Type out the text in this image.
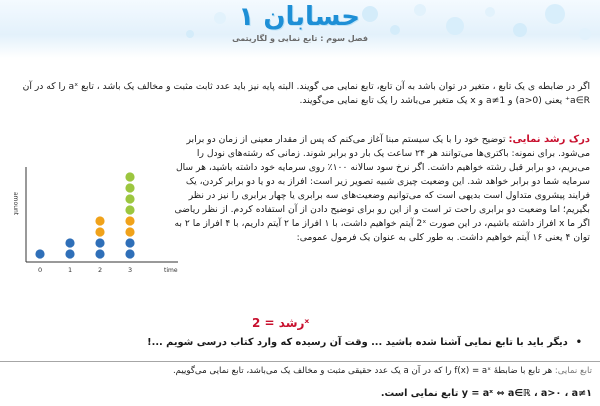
حسابان ۱
فصل سوم : تابع نمایی و لگاریتمی
اگر در ضابطه ی یک تابع ، متغیر در توان باشد به آن تابع، تابع نمایی می گویند. البته پایه نیز باید عدد ثابت مثبت و مخالف یک باشد ، تابع aˣ را که در آن a∈R⁺ یعنی (a>0) و a≠1 و x یک متغیر می‌باشد را یک تابع نمایی می‌گویند.
درک رشد نمایی: توضیح خود را با یک سیستم مبنا آغاز می‌کنم که پس از مقدار معینی از زمان دو برابر می‌شود. برای نمونه: باکتری‌ها می‌توانند هر ۲۴ ساعت یک بار دو برابر شوند. زمانی که رشته‌های نودل را می‌بریم، دو برابر قبل رشته خواهیم داشت. اگر نرخ سود سالانه ۱۰۰٪ روی سرمایه خود داشته باشید، هر سال سرمایه شما دو برابر خواهد شد. این وضعیت چیزی شبیه تصویر زیر است: افراز به دو یا دو برابر کردن، یک فرایند پیشروی متداول است بدیهی است که می‌توانیم وضعیت‌های سه برابری یا چهار برابری را نیز در نظر بگیریم؛ اما وضعیت دو برابری راحت تر است و از این رو برای توضیح دادن از آن استفاده کردم. از نظر ریاضی اگر ما x افراز داشته باشیم، در این صورت 2ˣ آیتم خواهیم داشت، با ۱ افراز ما ۲ آیتم داریم، با ۴ افراز ما ۲ به توان ۴ یعنی ۱۶ آیتم خواهیم داشت. به طور کلی به عنوان یک فرمول عمومی:
amount
time
0	1	2	3
رشد = 2ˣ
•دیگر باید با تابع نمایی آشنا شده باشید ... وقت آن رسیده که وارد کتاب درسی شویم ...!
تابع نمایی: هر تابع با ضابطهٔ f(x) = aˣ را که در آن a یک عدد حقیقی مثبت و مخالف یک می‌باشد، تابع نمایی می‌گوییم.
y = aˣ ⇔ a∈ℝ ، a>۰ ، a≠۱ تابع نمایی است.
